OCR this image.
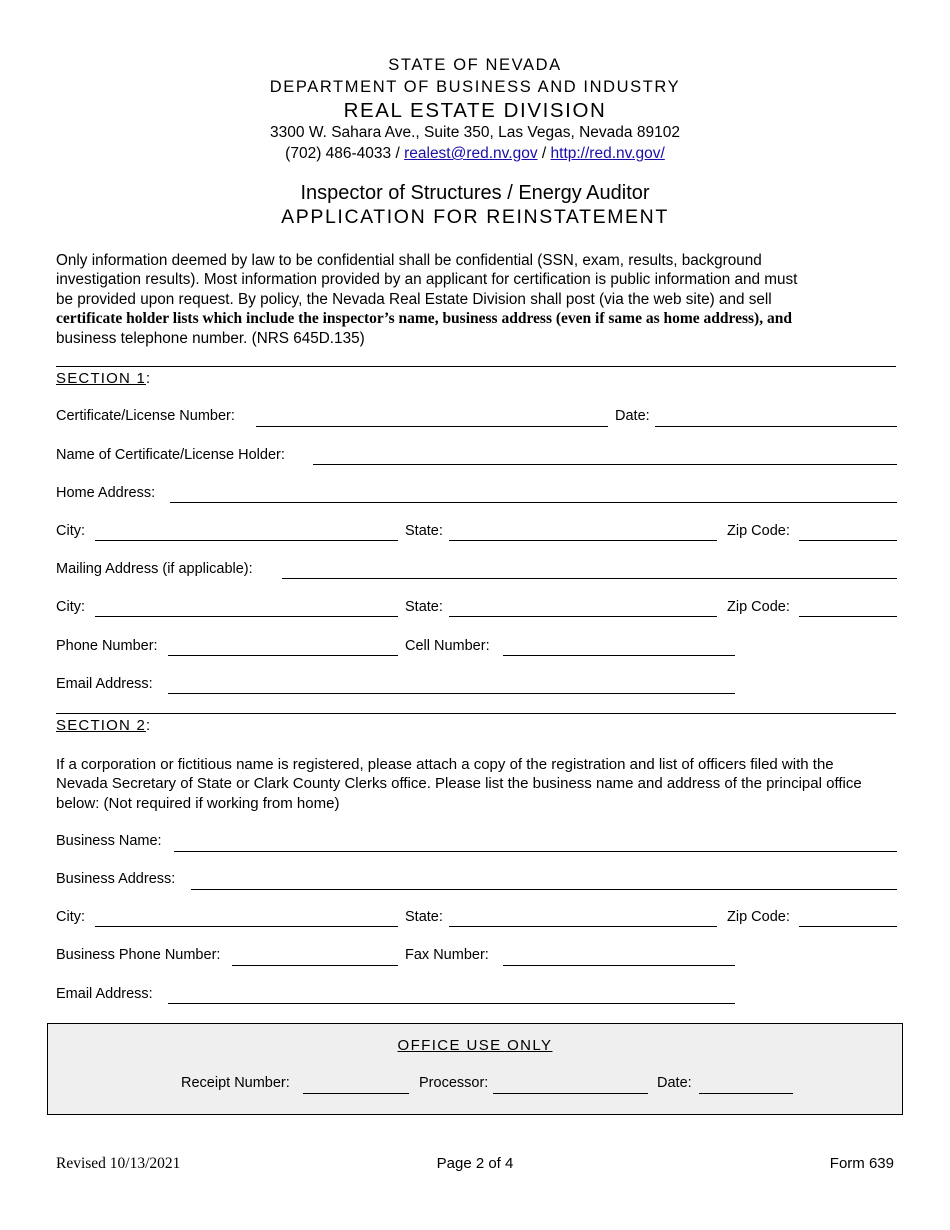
STATE OF NEVADA
DEPARTMENT OF BUSINESS AND INDUSTRY
REAL ESTATE DIVISION
3300 W. Sahara Ave., Suite 350, Las Vegas, Nevada 89102
(702) 486-4033 / realest@red.nv.gov / http://red.nv.gov/
Inspector of Structures / Energy Auditor
APPLICATION FOR REINSTATEMENT

Only information deemed by law to be confidential shall be confidential (SSN, exam, results, background

investigation results). Most information provided by an applicant for certification is public information and must

be provided upon request. By policy, the Nevada Real Estate Division shall post (via the web site) and sell

certificate holder lists which include the inspector’s name, business address (even if same as home address), and

business telephone number. (NRS 645D.135)

SECTION 1:
Certificate/License Number:	Date:
Name of Certificate/License Holder:
Home Address:
City:	State:	Zip Code:
Mailing Address (if applicable):
City:	State:	Zip Code:
Phone Number:	Cell Number:
Email Address:
SECTION 2:

If a corporation or fictitious name is registered, please attach a copy of the registration and list of officers filed with the

Nevada Secretary of State or Clark County Clerks office. Please list the business name and address of the principal office

below: (Not required if working from home)

Business Name:
Business Address:
City:	State:	Zip Code:
Business Phone Number:	Fax Number:
Email Address:
OFFICE USE ONLY
Receipt Number:	Processor:	Date:
Revised 10/13/2021	Page 2 of 4	Form 639
